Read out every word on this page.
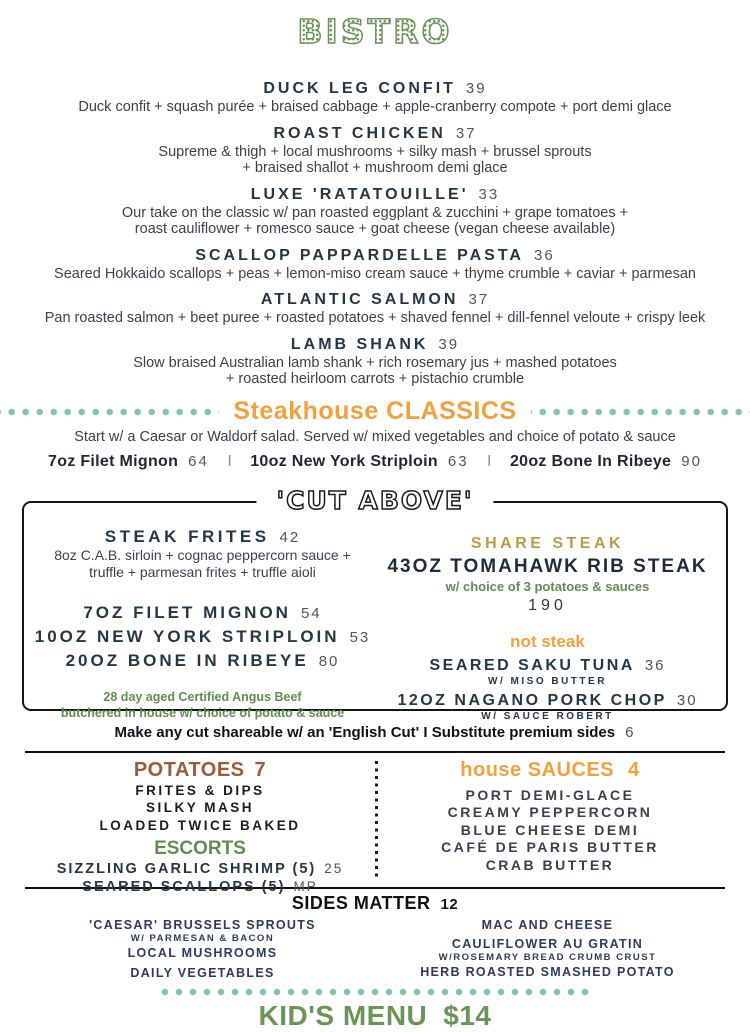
BISTRO
DUCK LEG CONFIT 39
Duck confit + squash purée + braised cabbage + apple-cranberry compote + port demi glace
ROAST CHICKEN 37
Supreme & thigh + local mushrooms + silky mash + brussel sprouts
+ braised shallot + mushroom demi glace
LUXE 'RATATOUILLE' 33
Our take on the classic w/ pan roasted eggplant & zucchini + grape tomatoes +
roast cauliflower + romesco sauce + goat cheese (vegan cheese available)
SCALLOP PAPPARDELLE PASTA 36
Seared Hokkaido scallops + peas + lemon-miso cream sauce + thyme crumble + caviar + parmesan
ATLANTIC SALMON 37
Pan roasted salmon + beet puree + roasted potatoes + shaved fennel + dill-fennel veloute + crispy leek
LAMB SHANK 39
Slow braised Australian lamb shank + rich rosemary jus + mashed potatoes
+ roasted heirloom carrots + pistachio crumble
Steakhouse CLASSICS
Start w/ a Caesar or Waldorf salad. Served w/ mixed vegetables and choice of potato & sauce
7oz Filet Mignon 64 I 10oz New York Striploin 63 I 20oz Bone In Ribeye 90
'CUT ABOVE'
STEAK FRITES 42
8oz C.A.B. sirloin + cognac peppercorn sauce +
truffle + parmesan frites + truffle aioli
7OZ FILET MIGNON 54
10OZ NEW YORK STRIPLOIN 53
20OZ BONE IN RIBEYE 80
28 day aged Certified Angus Beef
butchered in house w/ choice of potato & sauce
SHARE STEAK
43OZ TOMAHAWK RIB STEAK
w/ choice of 3 potatoes & sauces
190
not steak
SEARED SAKU TUNA 36
W/ MISO BUTTER
12OZ NAGANO PORK CHOP 30
W/ SAUCE ROBERT
Make any cut shareable w/ an 'English Cut' I Substitute premium sides 6
POTATOES 7
FRITES & DIPS
SILKY MASH
LOADED TWICE BAKED
ESCORTS
SIZZLING GARLIC SHRIMP (5) 25
SEARED SCALLOPS (5) MP
house SAUCES 4
PORT DEMI-GLACE
CREAMY PEPPERCORN
BLUE CHEESE DEMI
CAFÉ DE PARIS BUTTER
CRAB BUTTER
SIDES MATTER 12
'CAESAR' BRUSSELS SPROUTS
W/ PARMESAN & BACON
LOCAL MUSHROOMS
DAILY VEGETABLES
MAC AND CHEESE
CAULIFLOWER AU GRATIN
W/ROSEMARY BREAD CRUMB CRUST
HERB ROASTED SMASHED POTATO
KID'S MENU $14
